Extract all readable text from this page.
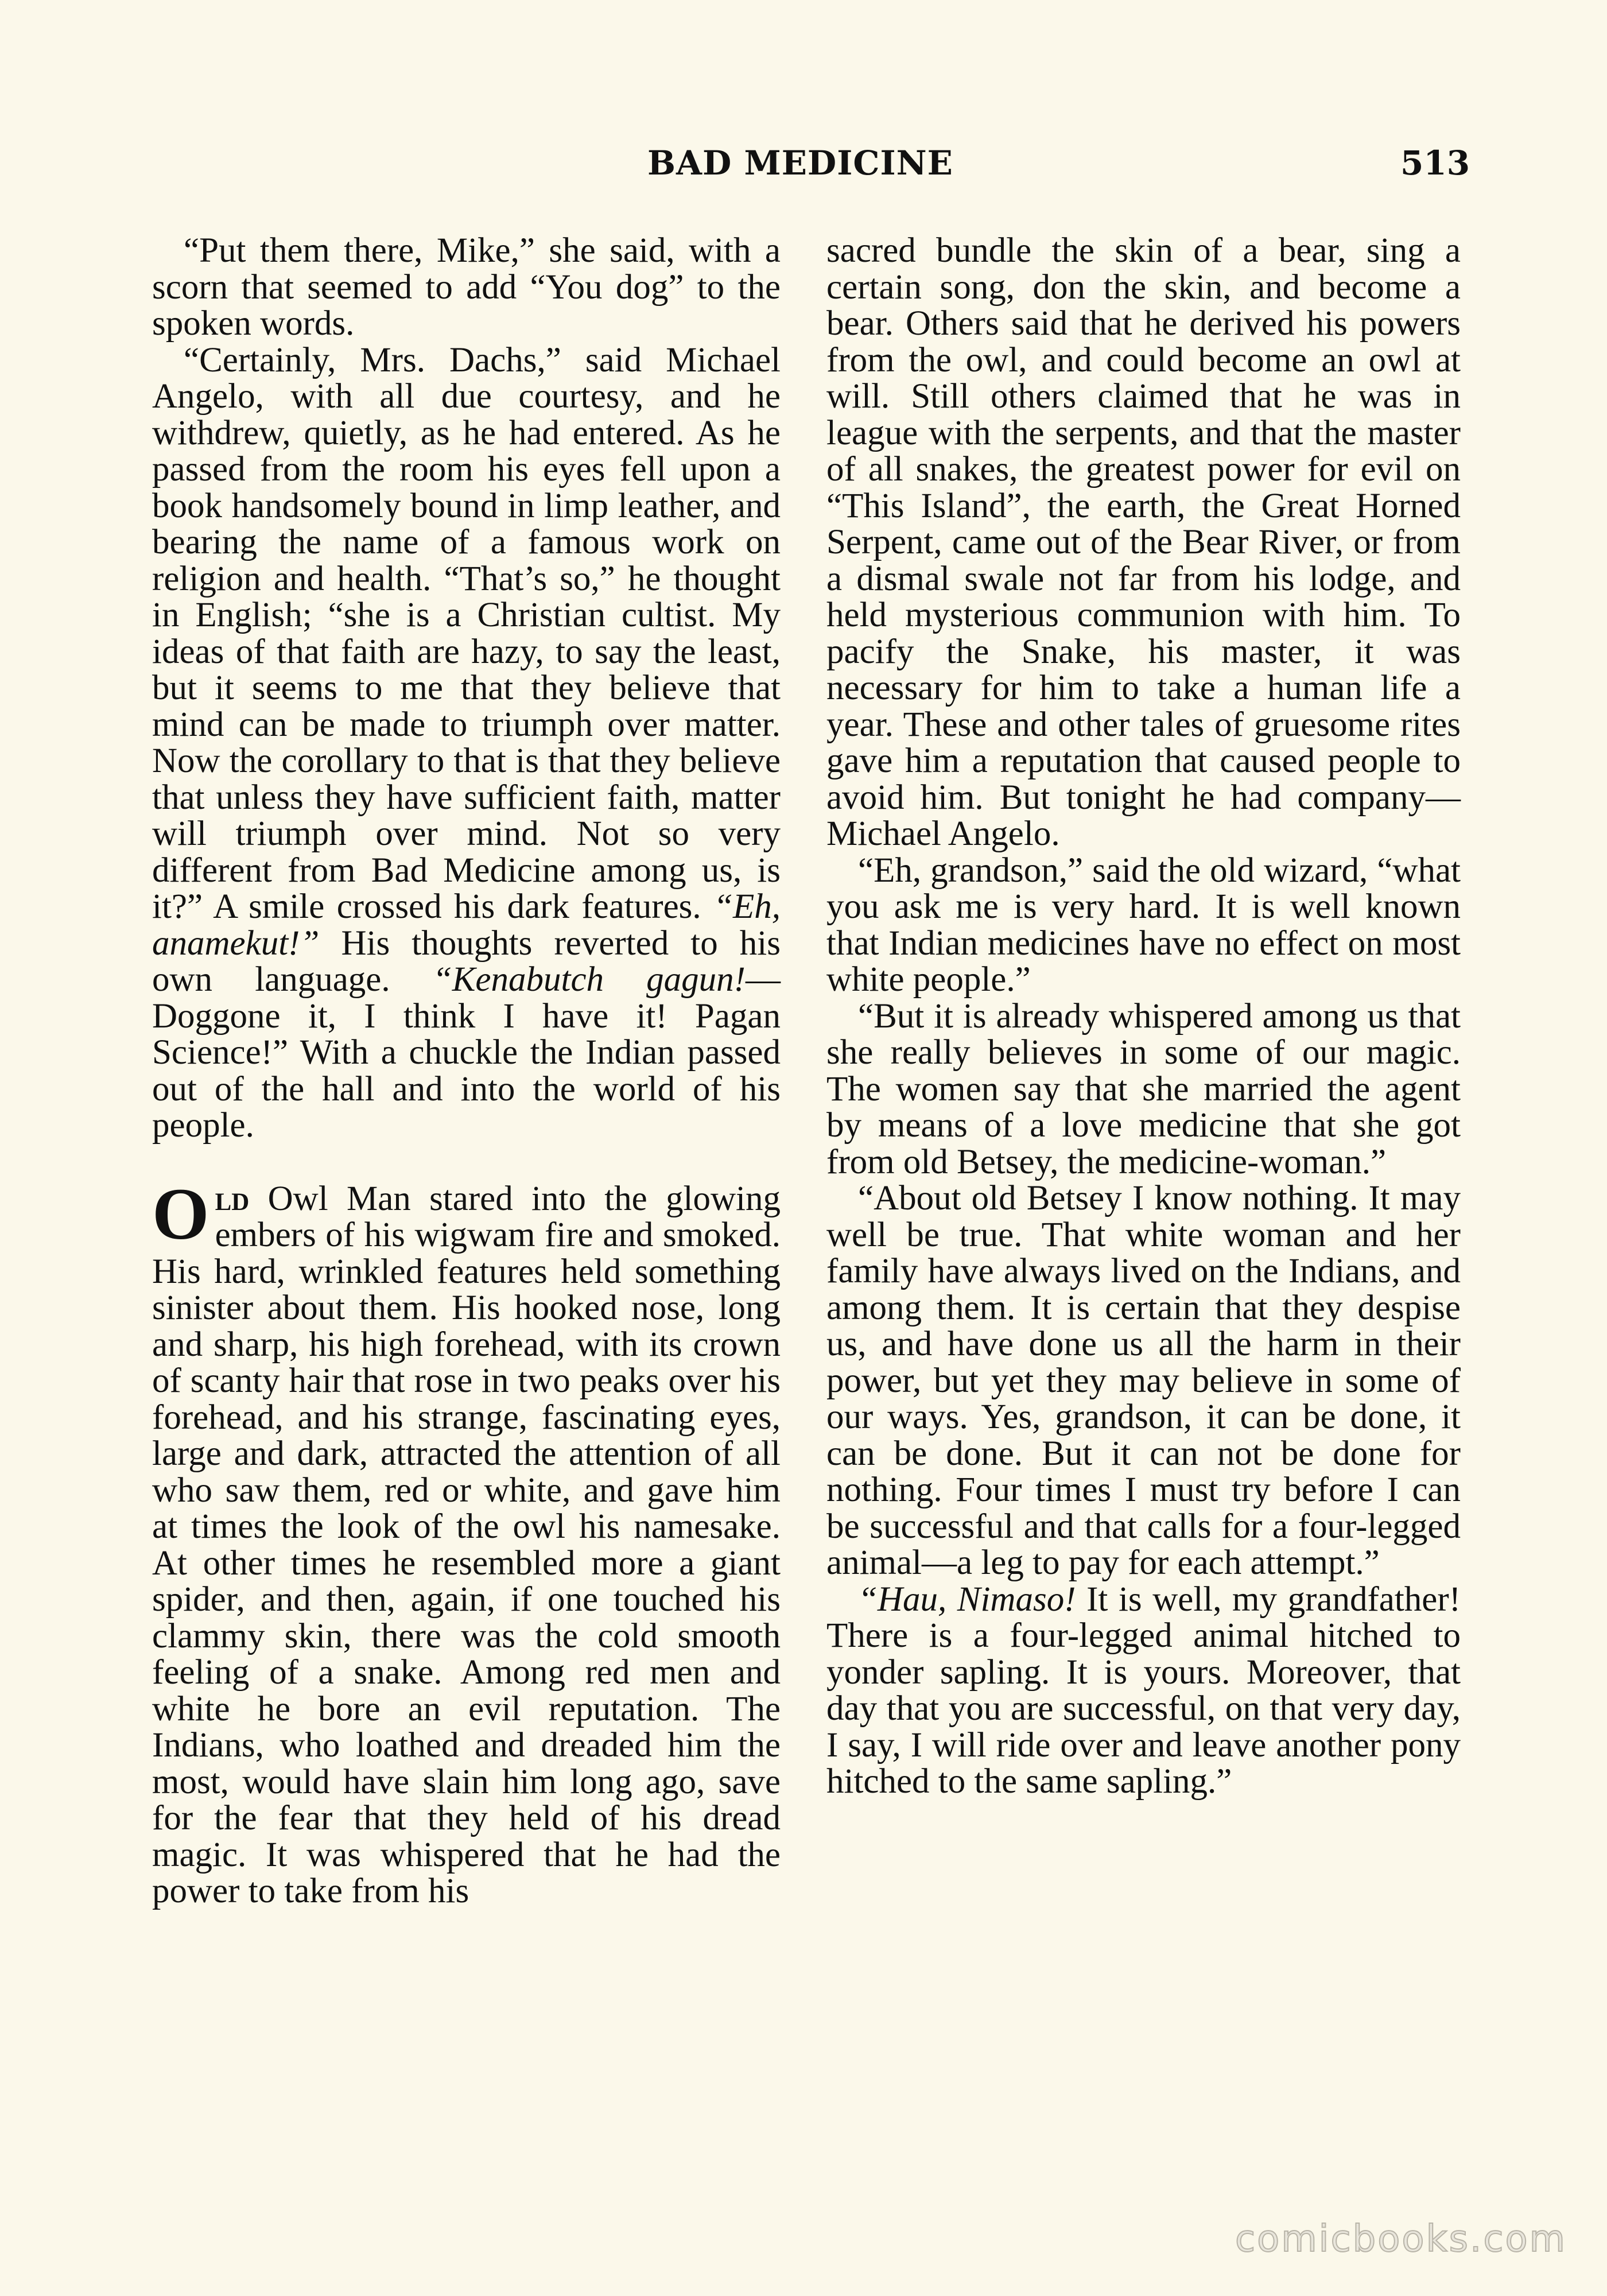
BAD MEDICINE	513

“Put them there, Mike,” she said, with a scorn that seemed to add “You dog” to the spoken words.

“Certainly, Mrs. Dachs,” said Michael Angelo, with all due courtesy, and he withdrew, quietly, as he had entered. As he passed from the room his eyes fell upon a book handsomely bound in limp leather, and bearing the name of a famous work on religion and health. “That’s so,” he thought in English; “she is a Christian cultist. My ideas of that faith are hazy, to say the least, but it seems to me that they believe that mind can be made to triumph over matter. Now the corollary to that is that they believe that unless they have sufficient faith, matter will triumph over mind. Not so very different from Bad Medicine among us, is it?” A smile crossed his dark features. “Eh, anamekut!” His thoughts reverted to his own language. “Kenabutch gagun!—Doggone it, I think I have it! Pagan Science!” With a chuckle the Indian passed out of the hall and into the world of his people.

Old Owl Man stared into the glowing embers of his wigwam fire and smoked. His hard, wrinkled features held something sinister about them. His hooked nose, long and sharp, his high forehead, with its crown of scanty hair that rose in two peaks over his forehead, and his strange, fascinating eyes, large and dark, attracted the attention of all who saw them, red or white, and gave him at times the look of the owl his namesake. At other times he resembled more a giant spider, and then, again, if one touched his clammy skin, there was the cold smooth feeling of a snake. Among red men and white he bore an evil reputation. The Indians, who loathed and dreaded him the most, would have slain him long ago, save for the fear that they held of his dread magic. It was whispered that he had the power to take from his

sacred bundle the skin of a bear, sing a certain song, don the skin, and become a bear. Others said that he derived his powers from the owl, and could become an owl at will. Still others claimed that he was in league with the serpents, and that the master of all snakes, the greatest power for evil on “This Island”, the earth, the Great Horned Serpent, came out of the Bear River, or from a dismal swale not far from his lodge, and held mysterious communion with him. To pacify the Snake, his master, it was necessary for him to take a human life a year. These and other tales of gruesome rites gave him a reputation that caused people to avoid him. But tonight he had company—Michael Angelo.

“Eh, grandson,” said the old wizard, “what you ask me is very hard. It is well known that Indian medicines have no effect on most white people.”

“But it is already whispered among us that she really believes in some of our magic. The women say that she married the agent by means of a love medicine that she got from old Betsey, the medicine-woman.”

“About old Betsey I know nothing. It may well be true. That white woman and her family have always lived on the Indians, and among them. It is certain that they despise us, and have done us all the harm in their power, but yet they may believe in some of our ways. Yes, grandson, it can be done, it can be done. But it can not be done for nothing. Four times I must try before I can be successful and that calls for a four-legged animal—a leg to pay for each attempt.”

“Hau, Nimaso! It is well, my grandfather! There is a four-legged animal hitched to yonder sapling. It is yours. Moreover, that day that you are successful, on that very day, I say, I will ride over and leave another pony hitched to the same sapling.”

comicbooks.com
